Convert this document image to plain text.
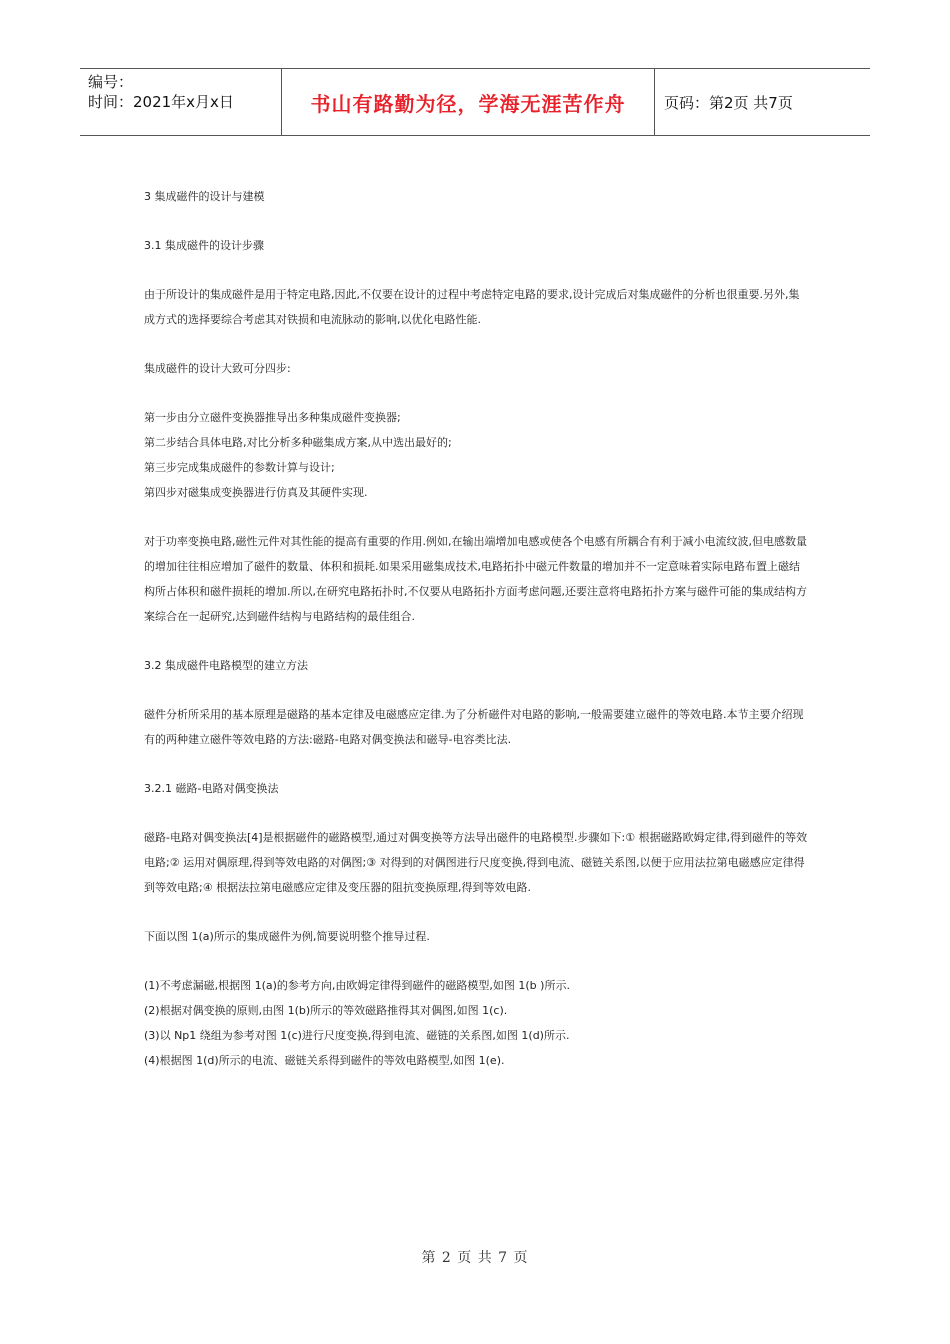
编号：
时间：2021年x月x日	书山有路勤为径，学海无涯苦作舟	页码：第2页 共7页

3 集成磁件的设计与建模

3.1 集成磁件的设计步骤

由于所设计的集成磁件是用于特定电路,因此,不仅要在设计的过程中考虑特定电路的要求,设计完成后对集成磁件的分析也很重要.另外,集成方式的选择要综合考虑其对铁损和电流脉动的影响,以优化电路性能.

集成磁件的设计大致可分四步:

第一步由分立磁件变换器推导出多种集成磁件变换器;

第二步结合具体电路,对比分析多种磁集成方案,从中选出最好的;

第三步完成集成磁件的参数计算与设计;

第四步对磁集成变换器进行仿真及其硬件实现.

对于功率变换电路,磁性元件对其性能的提高有重要的作用.例如,在输出端增加电感或使各个电感有所耦合有利于减小电流纹波,但电感数量的增加往往相应增加了磁件的数量、体积和损耗.如果采用磁集成技术,电路拓扑中磁元件数量的增加并不一定意味着实际电路布置上磁结构所占体积和磁件损耗的增加.所以,在研究电路拓扑时,不仅要从电路拓扑方面考虑问题,还要注意将电路拓扑方案与磁件可能的集成结构方案综合在一起研究,达到磁件结构与电路结构的最佳组合.

3.2 集成磁件电路模型的建立方法

磁件分析所采用的基本原理是磁路的基本定律及电磁感应定律.为了分析磁件对电路的影响,一般需要建立磁件的等效电路.本节主要介绍现有的两种建立磁件等效电路的方法:磁路-电路对偶变换法和磁导-电容类比法.

3.2.1 磁路-电路对偶变换法

磁路-电路对偶变换法[4]是根据磁件的磁路模型,通过对偶变换等方法导出磁件的电路模型.步骤如下:① 根据磁路欧姆定律,得到磁件的等效电路;② 运用对偶原理,得到等效电路的对偶图;③ 对得到的对偶图进行尺度变换,得到电流、磁链关系图,以便于应用法拉第电磁感应定律得到等效电路;④ 根据法拉第电磁感应定律及变压器的阻抗变换原理,得到等效电路.

下面以图 1(a)所示的集成磁件为例,简要说明整个推导过程.

(1)不考虑漏磁,根据图 1(a)的参考方向,由欧姆定律得到磁件的磁路模型,如图 1(b )所示.

(2)根据对偶变换的原则,由图 1(b)所示的等效磁路推得其对偶图,如图 1(c).

(3)以 Np1 绕组为参考对图 1(c)进行尺度变换,得到电流、磁链的关系图,如图 1(d)所示.

(4)根据图 1(d)所示的电流、磁链关系得到磁件的等效电路模型,如图 1(e).

第 2 页 共 7 页
